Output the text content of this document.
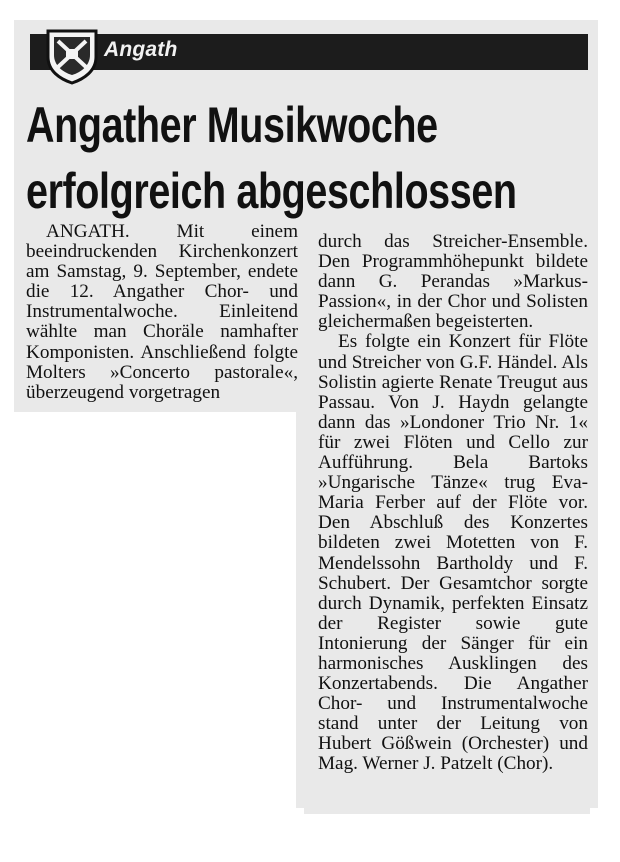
Angath
Angather Musikwoche
erfolgreich abgeschlossen

ANGATH. Mit einem beeindruckenden Kirchenkonzert am Samstag, 9. September, endete die 12. Angather Chor- und Instrumentalwoche. Einleitend wählte man Choräle namhafter Komponisten. Anschließend folgte Molters »Concerto pastorale«, überzeugend vorgetragen

durch das Streicher-Ensemble. Den Programmhöhepunkt bildete dann G. Perandas »Markus-Passion«, in der Chor und Solisten gleichermaßen begeisterten.

Es folgte ein Konzert für Flöte und Streicher von G.F. Händel. Als Solistin agierte Renate Treugut aus Passau. Von J. Haydn gelangte dann das »Londoner Trio Nr. 1« für zwei Flöten und Cello zur Aufführung. Bela Bartoks »Ungarische Tänze« trug Eva-Maria Ferber auf der Flöte vor. Den Abschluß des Konzertes bildeten zwei Motetten von F. Mendelssohn Bartholdy und F. Schubert. Der Gesamtchor sorgte durch Dynamik, perfekten Einsatz der Register sowie gute Intonierung der Sänger für ein harmonisches Ausklingen des Konzertabends. Die Angather Chor- und Instrumentalwoche stand unter der Leitung von Hubert Gößwein (Orchester) und Mag. Werner J. Patzelt (Chor).
